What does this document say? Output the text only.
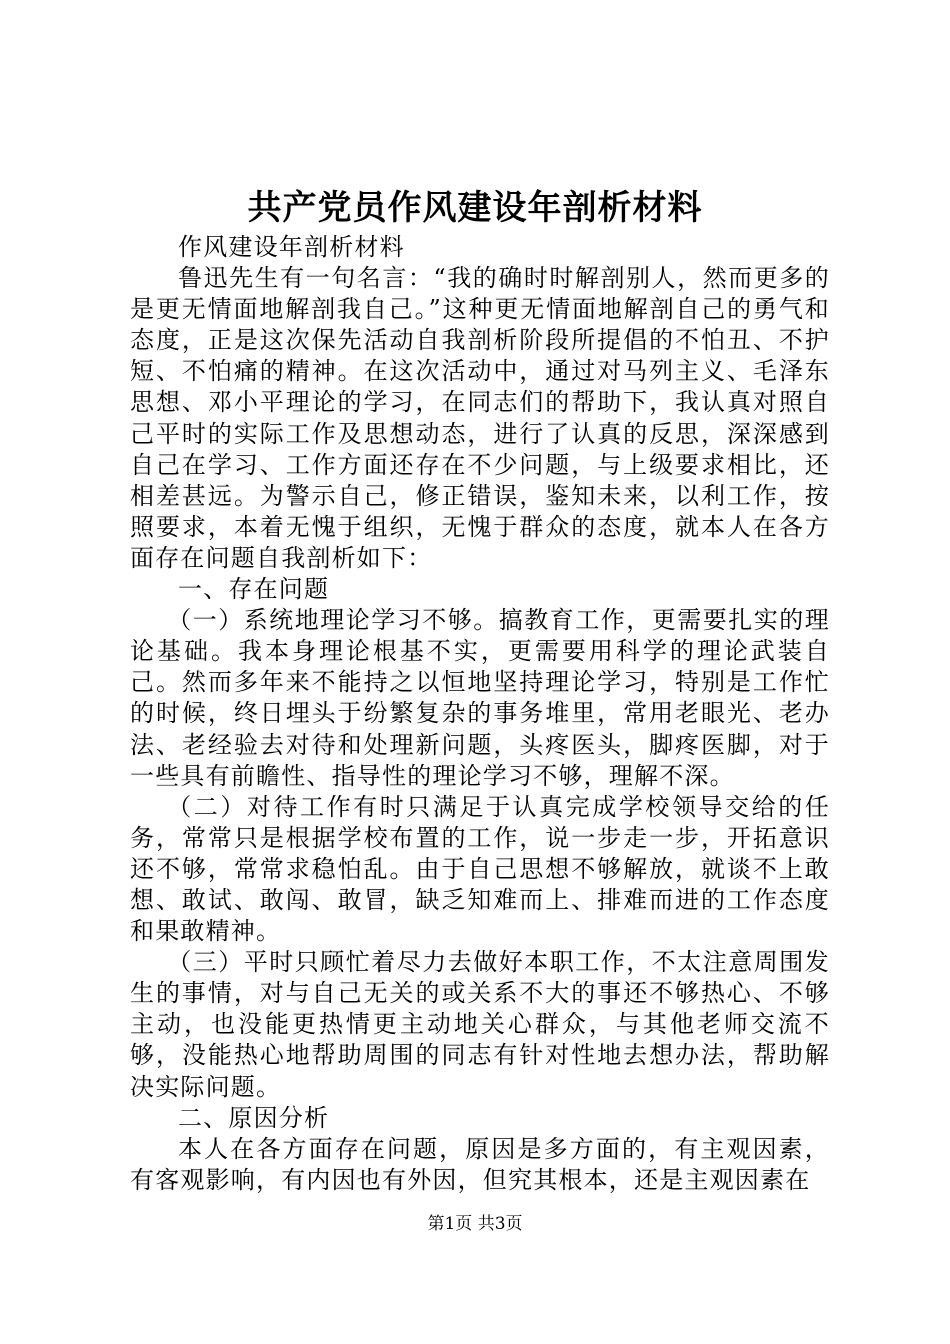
共产党员作风建设年剖析材料

作风建设年剖析材料

鲁迅先生有一句名言：“我的确时时解剖别人，然而更多的是更无情面地解剖我自己。”这种更无情面地解剖自己的勇气和态度，正是这次保先活动自我剖析阶段所提倡的不怕丑、不护短、不怕痛的精神。在这次活动中，通过对马列主义、毛泽东思想、邓小平理论的学习，在同志们的帮助下，我认真对照自己平时的实际工作及思想动态，进行了认真的反思，深深感到自己在学习、工作方面还存在不少问题，与上级要求相比，还相差甚远。为警示自己，修正错误，鉴知未来，以利工作，按照要求，本着无愧于组织，无愧于群众的态度，就本人在各方面存在问题自我剖析如下：

一、存在问题

（一）系统地理论学习不够。搞教育工作，更需要扎实的理论基础。我本身理论根基不实，更需要用科学的理论武装自己。然而多年来不能持之以恒地坚持理论学习，特别是工作忙的时候，终日埋头于纷繁复杂的事务堆里，常用老眼光、老办法、老经验去对待和处理新问题，头疼医头，脚疼医脚，对于一些具有前瞻性、指导性的理论学习不够，理解不深。

（二）对待工作有时只满足于认真完成学校领导交给的任务，常常只是根据学校布置的工作，说一步走一步，开拓意识还不够，常常求稳怕乱。由于自己思想不够解放，就谈不上敢想、敢试、敢闯、敢冒，缺乏知难而上、排难而进的工作态度和果敢精神。

（三）平时只顾忙着尽力去做好本职工作，不太注意周围发生的事情，对与自己无关的或关系不大的事还不够热心、不够主动，也没能更热情更主动地关心群众，与其他老师交流不够，没能热心地帮助周围的同志有针对性地去想办法，帮助解决实际问题。

二、原因分析

本人在各方面存在问题，原因是多方面的，有主观因素，有客观影响，有内因也有外因，但究其根本，还是主观因素在

第1页 共3页
